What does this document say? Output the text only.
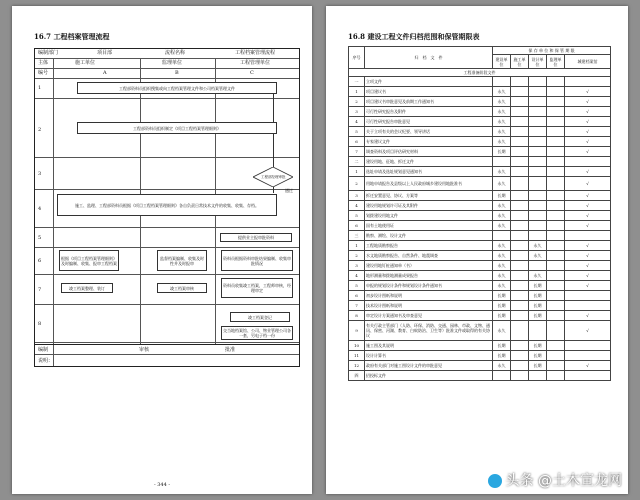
16.7 工程档案管理流程
编制部门	项目部	流程名称	工程档案管理流程
主体	施工单位	监理单位	工程管理单位
编号	A	B	C
1
2
3
4
5
6
7
8
工程部资料员组织搜集或向工程档案管理文件和公司档案管理文件
工程部资料员组织制定《项目工程档案管理细则》
工程部经理审批
通过
施工、监理、工程部资料员根据《项目工程档案管理细则》各自负责日常技术文件的收集、收集、存档。
提供业主报审批资料
根据《项目工程档案管理细则》及时编制、收集、报审工程档案
监督档案编制、收集及时性并及时报审
资料员根据资料审批结果编制、收集审批情况
竣工档案整理、装订	竣工档案审核	资料员收集竣工档案，工程师审核，经理审定
竣工档案登记
交当地档案馆、公司、物业管理公司各一套，另电子档一份
编制	审核	批准
说明：
- 344 -
16.8 建设工程文件归档范围和保管期限表
序号	归　档　文　件	保 存 单 位 和 保 管 期 限				
		建设单位	施工单位	设计单位	监理单位	城建档案馆
工程准备阶段文件						
一	立项文件					
1	项目建议书	永久				√
2	项目建议书审批意见及前期工作通知书	永久				√
3	可行性研究报告及附件	永久				√
4	可行性研究报告审批意见	永久				√
5	关于立项有关的会议纪要、领导讲话	永久				√
6	专家建议文件	永久				√
7	调查资料及项目评估研究材料	长期				√
二	建设用地、征地、拆迁文件					
1	选址申请及选址规划意见通知书	永久				√
2	用地申请报告及县级以上人民政府城乡建设用地批准书	永久				√
3	拆迁安置意见、协议、方案等	长期				√
4	建设用地规划许可证及其附件	永久				√
5	划拨建设用地文件	永久				√
6	国有土地使用证	永久				√
三	勘察、测绘、设计文件					
1	工程地质勘察报告	永久		永久		√
2	水文地质勘察报告、自然条件、地震调查	永久		永久		√
3	建设用地钉桩通知单（书）	永久				√
4	地形测量和拨地测量成果报告	永久		永久		√
5	申报的规划设计条件和规划设计条件通知书	永久		长期		√
6	初步设计图纸和说明	长期		长期		
7	技术设计图纸和说明	长期		长期		
8	审定设计方案通知书及审查意见	长期		长期		√
9	有关行政主管部门（人防、环保、消防、交通、园林、市政、文物、通讯、保密、河湖、教育、白蚁防治、卫生等）批准文件或取得的有关协议	永久				√
10	施工图及其说明	长期		长期		
11	设计计算书	长期		长期		
12	政府有关部门对施工图设计文件的审批意见	永久		长期		√
四	招投标文件					
头条 @土木宣龙网
